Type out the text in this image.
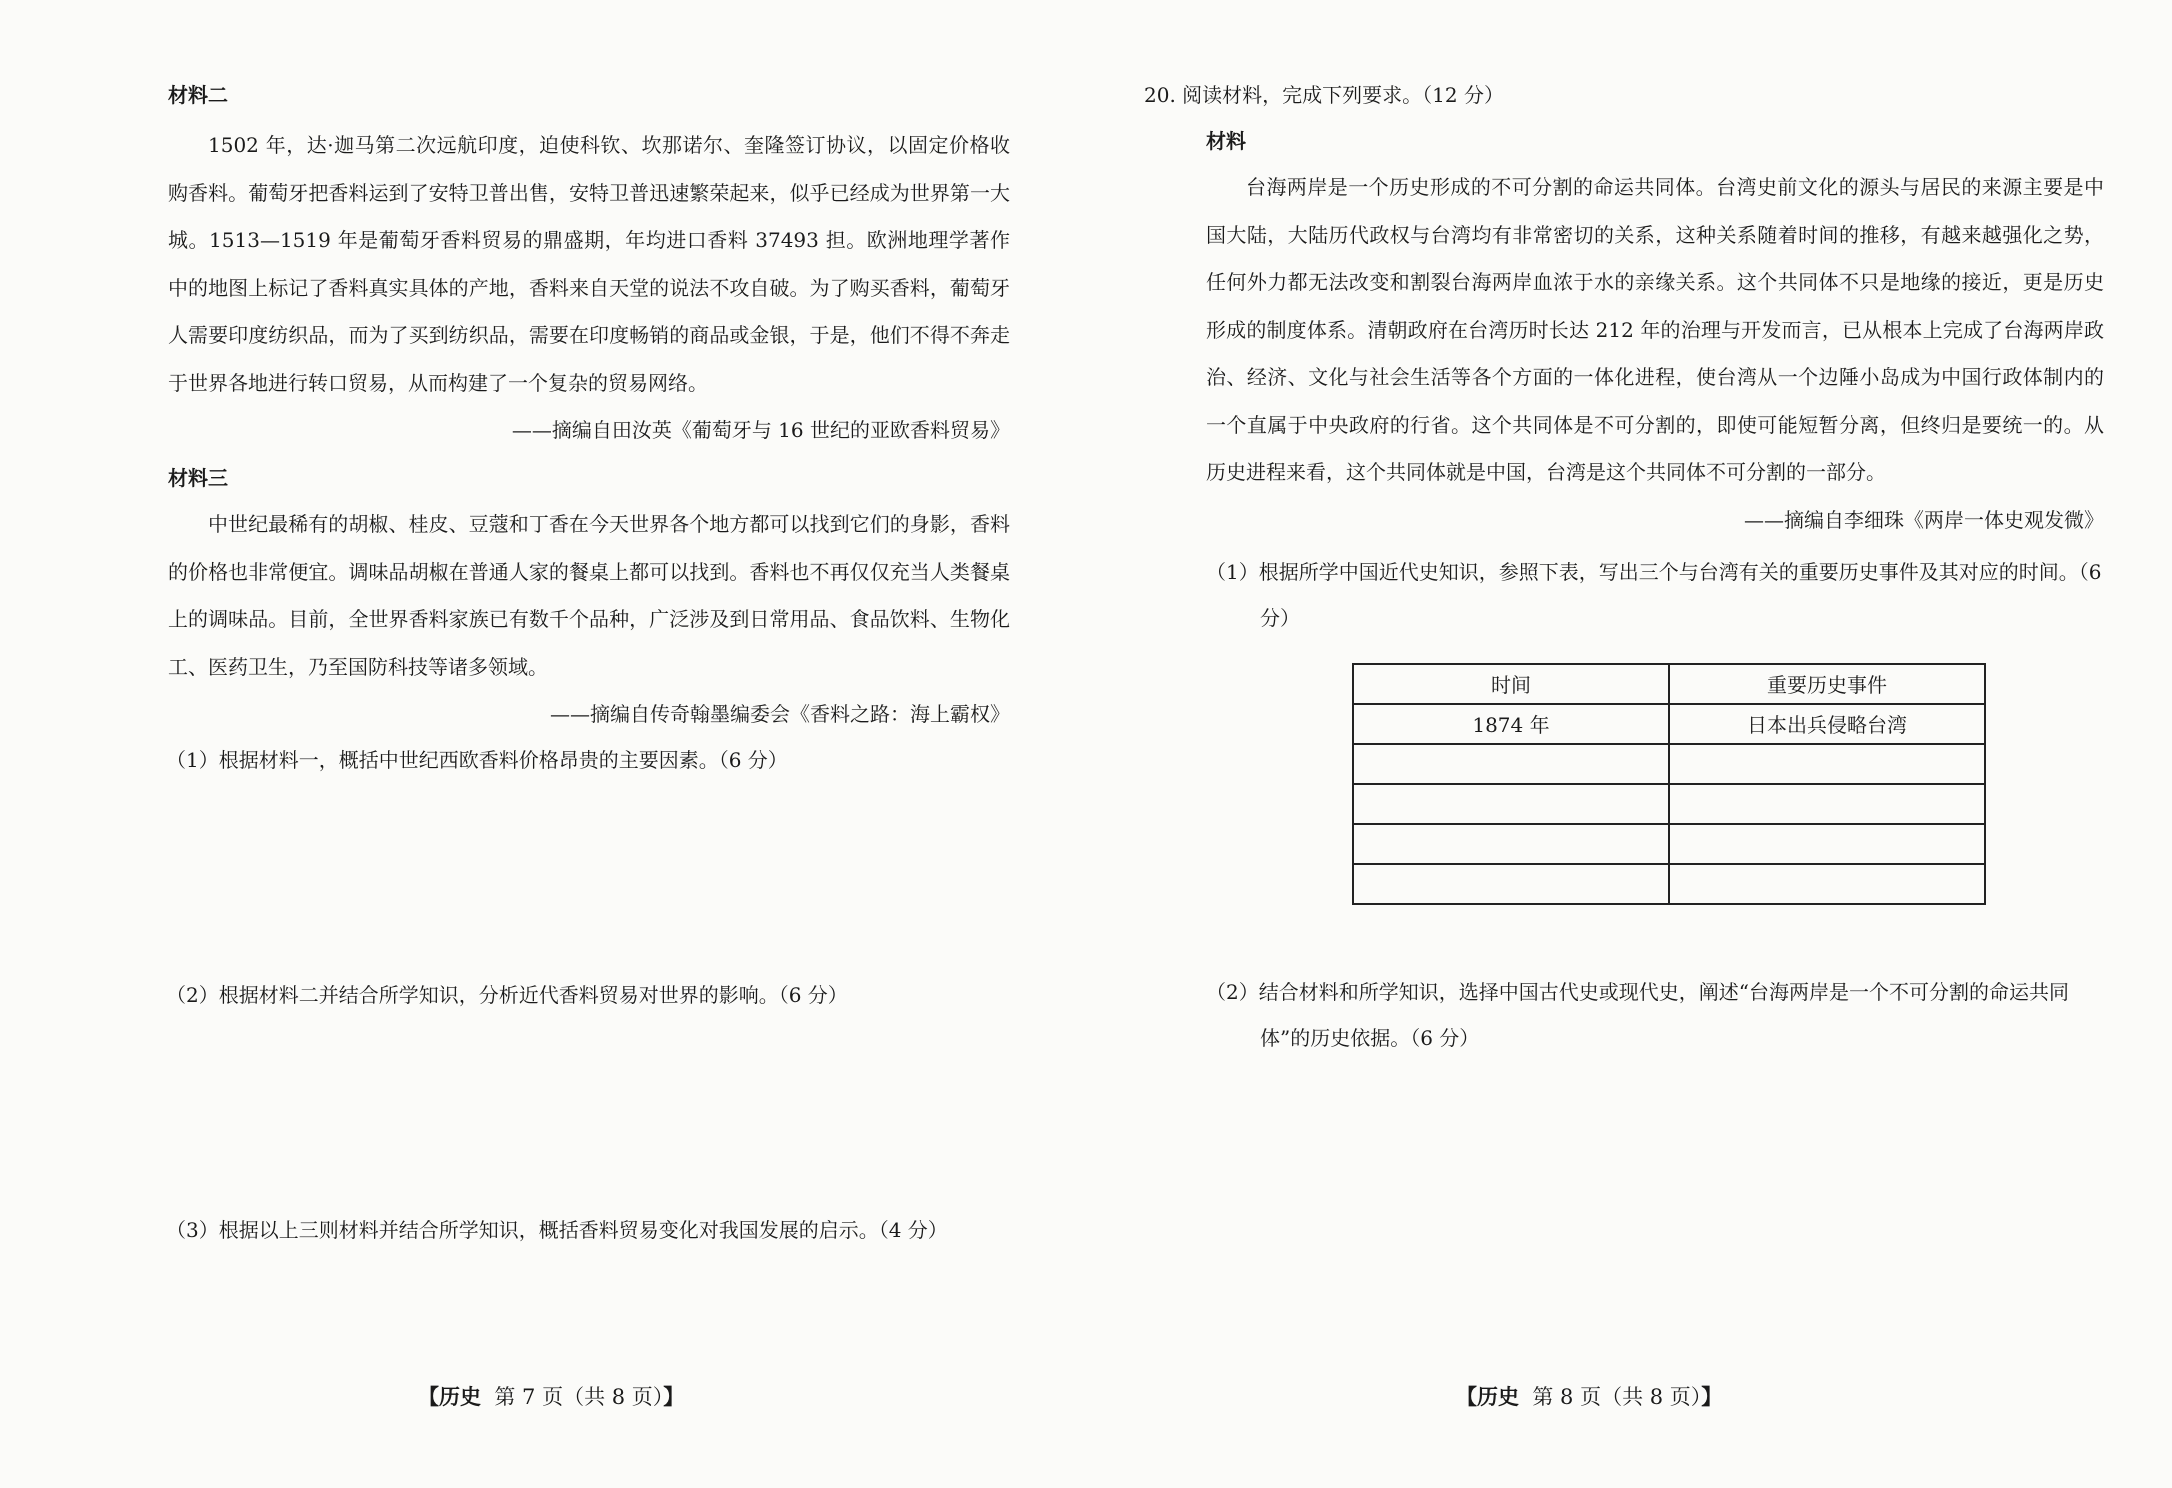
材料二

1502 年，达·迦马第二次远航印度，迫使科钦、坎那诺尔、奎隆签订协议，以固定价格收购香料。葡萄牙把香料运到了安特卫普出售，安特卫普迅速繁荣起来，似乎已经成为世界第一大城。1513—1519 年是葡萄牙香料贸易的鼎盛期，年均进口香料 37493 担。欧洲地理学著作中的地图上标记了香料真实具体的产地，香料来自天堂的说法不攻自破。为了购买香料，葡萄牙人需要印度纺织品，而为了买到纺织品，需要在印度畅销的商品或金银，于是，他们不得不奔走于世界各地进行转口贸易，从而构建了一个复杂的贸易网络。

——摘编自田汝英《葡萄牙与 16 世纪的亚欧香料贸易》

材料三

中世纪最稀有的胡椒、桂皮、豆蔻和丁香在今天世界各个地方都可以找到它们的身影，香料的价格也非常便宜。调味品胡椒在普通人家的餐桌上都可以找到。香料也不再仅仅充当人类餐桌上的调味品。目前，全世界香料家族已有数千个品种，广泛涉及到日常用品、食品饮料、生物化工、医药卫生，乃至国防科技等诸多领域。

——摘编自传奇翰墨编委会《香料之路：海上霸权》

（1）根据材料一，概括中世纪西欧香料价格昂贵的主要因素。（6 分）

（2）根据材料二并结合所学知识，分析近代香料贸易对世界的影响。（6 分）

（3）根据以上三则材料并结合所学知识，概括香料贸易变化对我国发展的启示。（4 分）

【历史 第 7 页（共 8 页）】

20. 阅读材料，完成下列要求。（12 分）

材料

台海两岸是一个历史形成的不可分割的命运共同体。台湾史前文化的源头与居民的来源主要是中国大陆，大陆历代政权与台湾均有非常密切的关系，这种关系随着时间的推移，有越来越强化之势，任何外力都无法改变和割裂台海两岸血浓于水的亲缘关系。这个共同体不只是地缘的接近，更是历史形成的制度体系。清朝政府在台湾历时长达 212 年的治理与开发而言，已从根本上完成了台海两岸政治、经济、文化与社会生活等各个方面的一体化进程，使台湾从一个边陲小岛成为中国行政体制内的一个直属于中央政府的行省。这个共同体是不可分割的，即使可能短暂分离，但终归是要统一的。从历史进程来看，这个共同体就是中国，台湾是这个共同体不可分割的一部分。

——摘编自李细珠《两岸一体史观发微》

（1）根据所学中国近代史知识，参照下表，写出三个与台湾有关的重要历史事件及其对应的时间。（6 分）

时间	重要历史事件
1874 年	日本出兵侵略台湾

（2）结合材料和所学知识，选择中国古代史或现代史，阐述“台海两岸是一个不可分割的命运共同体”的历史依据。（6 分）

【历史 第 8 页（共 8 页）】
